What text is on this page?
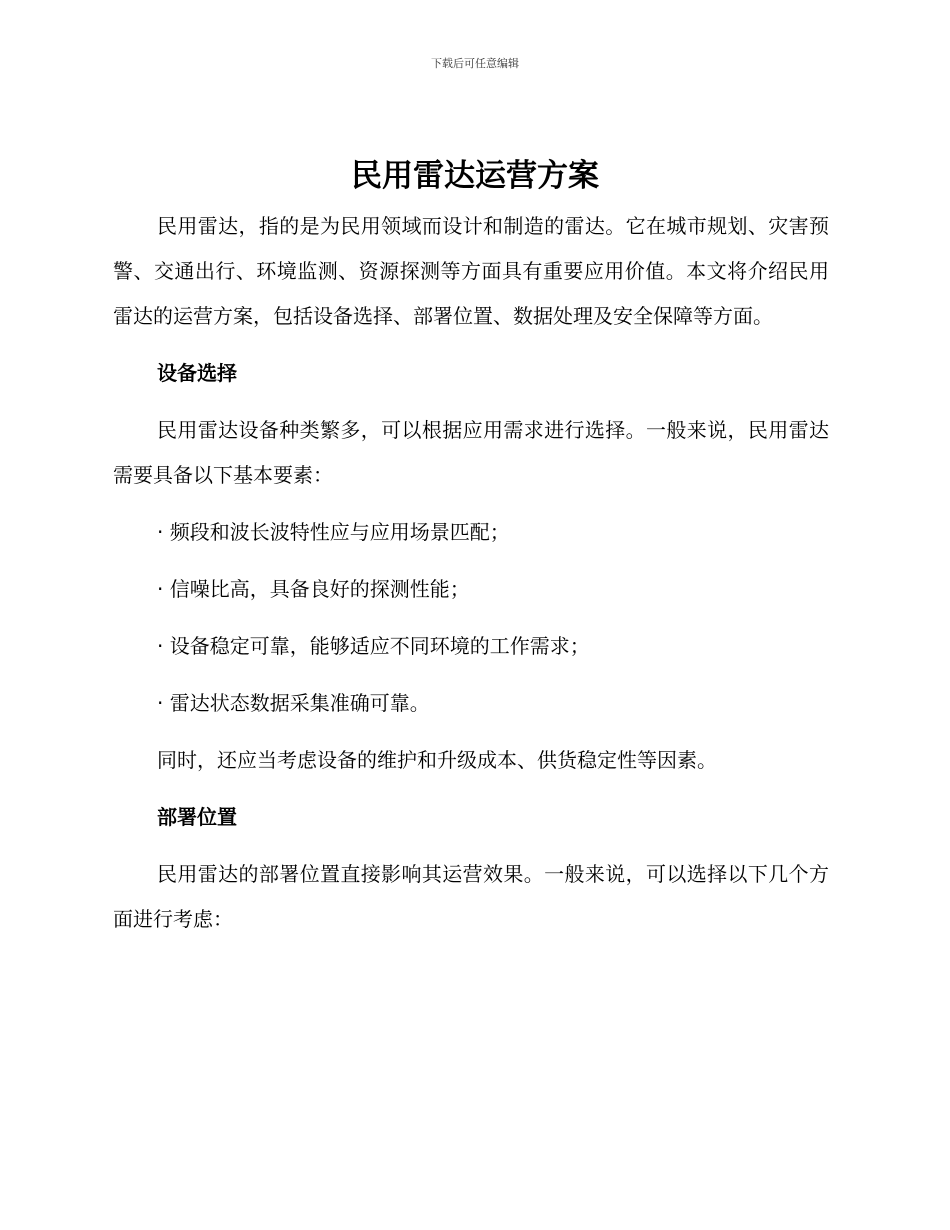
下载后可任意编辑
民用雷达运营方案

民用雷达，指的是为民用领域而设计和制造的雷达。它在城市规划、灾害预警、交通出行、环境监测、资源探测等方面具有重要应用价值。本文将介绍民用雷达的运营方案，包括设备选择、部署位置、数据处理及安全保障等方面。

设备选择

民用雷达设备种类繁多，可以根据应用需求进行选择。一般来说，民用雷达需要具备以下基本要素：

· 频段和波长波特性应与应用场景匹配；

· 信噪比高，具备良好的探测性能；

· 设备稳定可靠，能够适应不同环境的工作需求；

· 雷达状态数据采集准确可靠。

同时，还应当考虑设备的维护和升级成本、供货稳定性等因素。

部署位置

民用雷达的部署位置直接影响其运营效果。一般来说，可以选择以下几个方面进行考虑：
